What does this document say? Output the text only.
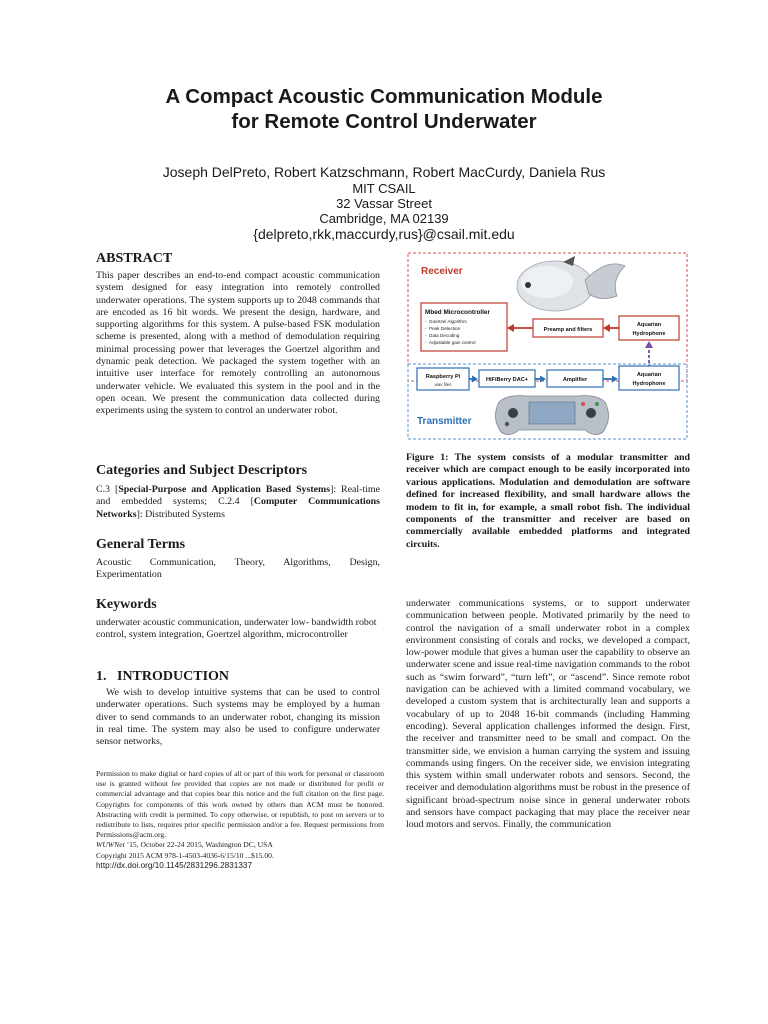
A Compact Acoustic Communication Module
for Remote Control Underwater
Joseph DelPreto, Robert Katzschmann, Robert MacCurdy, Daniela Rus
MIT CSAIL
32 Vassar Street
Cambridge, MA 02139
{delpreto,rkk,maccurdy,rus}@csail.mit.edu
ABSTRACT

This paper describes an end-to-end compact acoustic communication system designed for easy integration into remotely controlled underwater operations. The system supports up to 2048 commands that are encoded as 16 bit words. We present the design, hardware, and supporting algorithms for this system. A pulse-based FSK modulation scheme is presented, along with a method of demodulation requiring minimal processing power that leverages the Goertzel algorithm and dynamic peak detection. We packaged the system together with an intuitive user interface for remotely controlling an autonomous underwater vehicle. We evaluated this system in the pool and in the open ocean. We present the communication data collected during experiments using the system to control an underwater robot.

Categories and Subject Descriptors

C.3 [Special-Purpose and Application Based Systems]: Real-time and embedded systems; C.2.4 [Computer Communications Networks]: Distributed Systems

General Terms

Acoustic Communication, Theory, Algorithms, Design, Experimentation

Keywords

underwater acoustic communication, underwater low- bandwidth robot control, system integration, Goertzel algorithm, microcontroller

1.   INTRODUCTION

We wish to develop intuitive systems that can be used to control underwater operations. Such systems may be employed by a human diver to send commands to an underwater robot, changing its mission in real time. The system may also be used to configure underwater sensor networks,

Permission to make digital or hard copies of all or part of this work for personal or classroom use is granted without fee provided that copies are not made or distributed for profit or commercial advantage and that copies bear this notice and the full citation on the first page. Copyrights for components of this work owned by others than ACM must be honored. Abstracting with credit is permitted. To copy otherwise, or republish, to post on servers or to redistribute to lists, requires prior specific permission and/or a fee. Request permissions from Permissions@acm.org.
WUWNet ’15, October 22-24 2015, Washington DC, USA
Copyright 2015 ACM 978-1-4503-4036-6/15/10 ...$15.00.
http://dx.doi.org/10.1145/2831296.2831337
Receiver
Transmitter
Mbed Microcontroller
Goertzel Algorithm
Peak Detection
Data Decoding
Adjustable gain control
-
-
-
-
Preamp and filters
Aquarian
Hydrophone
Raspberry Pi
wav files
HiFiBerry DAC+	Amplifier
Aquarian
Hydrophone
Figure 1: The system consists of a modular transmitter and receiver which are compact enough to be easily incorporated into various applications. Modulation and demodulation are software defined for increased flexibility, and small hardware allows the modem to fit in, for example, a small robot fish. The individual components of the transmitter and receiver are based on commercially available embedded platforms and integrated circuits.

underwater communications systems, or to support underwater communication between people. Motivated primarily by the need to control the navigation of a small underwater robot in a complex environment consisting of corals and rocks, we developed a compact, low-power module that gives a human user the capability to observe an underwater scene and issue real-time navigation commands to the robot such as “swim forward”, “turn left”, or “ascend”. Since remote robot navigation can be achieved with a limited command vocabulary, we developed a custom system that is architecturally lean and supports a vocabulary of up to 2048 16-bit commands (including Hamming encoding). Several application challenges informed the design. First, the receiver and transmitter need to be small and compact. On the transmitter side, we envision a human carrying the system and issuing commands using fingers. On the receiver side, we envision integrating this system within small underwater robots and sensors. Second, the receiver and demodulation algorithms must be robust in the presence of significant broad-spectrum noise since in general underwater robots and sensors have compact packaging that may place the receiver near loud motors and servos. Finally, the communication
